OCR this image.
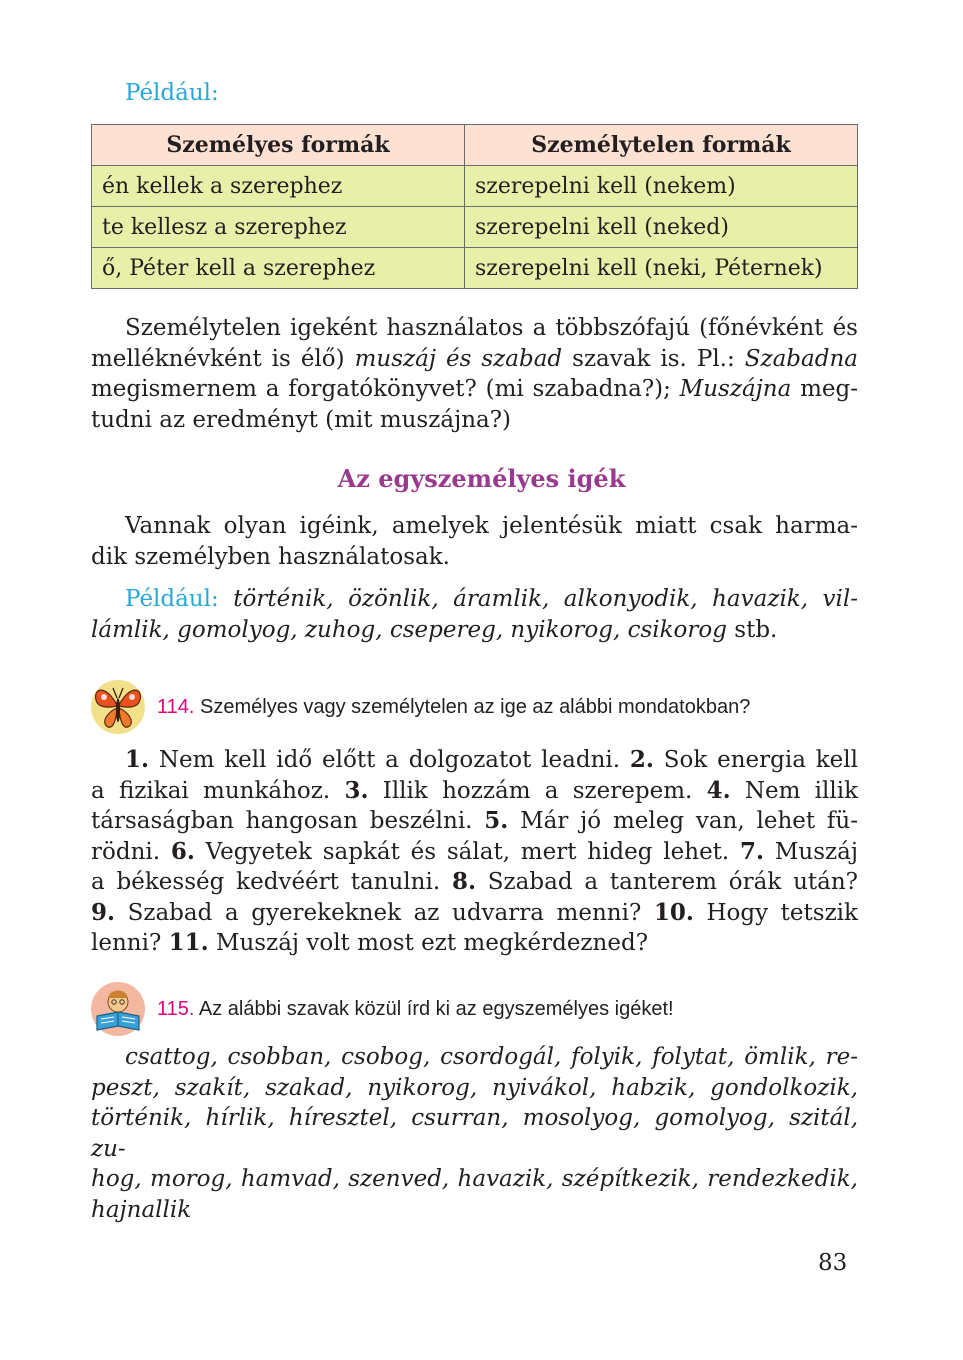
Például:
Személyes formák	Személytelen formák
én kellek a szerephez	szerepelni kell (nekem)
te kellesz a szerephez	szerepelni kell (neked)
ő, Péter kell a szerephez	szerepelni kell (neki, Péternek)
Személytelen igeként használatos a többszófajú (főnévként és
melléknévként is élő) muszáj és szabad szavak is. Pl.: Szabadna
megismernem a forgatókönyvet? (mi szabadna?); Muszájna meg-
tudni az eredményt (mit muszájna?)
Az egyszemélyes igék
Vannak olyan igéink, amelyek jelentésük miatt csak harma-
dik személyben használatosak.
Például: történik, özönlik, áramlik, alkonyodik, havazik, vil-
lámlik, gomolyog, zuhog, csepereg, nyikorog, csikorog stb.
114. Személyes vagy személytelen az ige az alábbi mondatokban?
1. Nem kell idő előtt a dolgozatot leadni. 2. Sok energia kell
a fizikai munkához. 3. Illik hozzám a szerepem. 4. Nem illik
társaságban hangosan beszélni. 5. Már jó meleg van, lehet fü-
rödni. 6. Vegyetek sapkát és sálat, mert hideg lehet. 7. Muszáj
a békesség kedvéért tanulni. 8. Szabad a tanterem órák után?
9. Szabad a gyerekeknek az udvarra menni? 10. Hogy tetszik
lenni? 11. Muszáj volt most ezt megkérdezned?
115. Az alábbi szavak közül írd ki az egyszemélyes igéket!
csattog, csobban, csobog, csordogál, folyik, folytat, ömlik, re-
peszt, szakít, szakad, nyikorog, nyivákol, habzik, gondolkozik,
történik, hírlik, híresztel, csurran, mosolyog, gomolyog, szitál, zu-
hog, morog, hamvad, szenved, havazik, szépítkezik, rendezkedik,
hajnallik
83
